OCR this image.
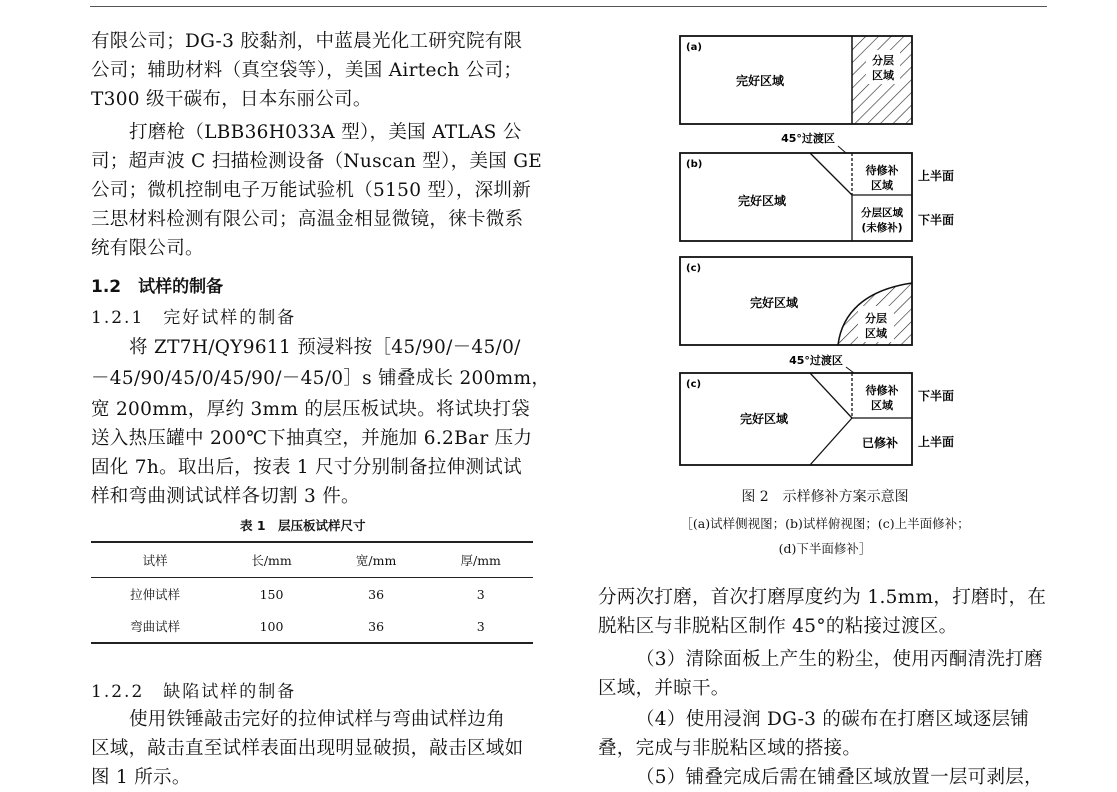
有限公司；DG-3 胶黏剂，中蓝晨光化工研究院有限
公司；辅助材料（真空袋等），美国 Airtech 公司；
T300 级干碳布，日本东丽公司。
打磨枪（LBB36H033A 型），美国 ATLAS 公
司；超声波 C 扫描检测设备（Nuscan 型），美国 GE
公司；微机控制电子万能试验机（5150 型），深圳新
三思材料检测有限公司；高温金相显微镜，徕卡微系
统有限公司。
1.2　试样的制备
1.2.1　完好试样的制备
将 ZT7H/QY9611 预浸料按［45/90/－45/0/
－45/90/45/0/45/90/－45/0］s 铺叠成长 200mm，
宽 200mm，厚约 3mm 的层压板试块。将试块打袋
送入热压罐中 200℃下抽真空，并施加 6.2Bar 压力
固化 7h。取出后，按表 1 尺寸分别制备拉伸测试试
样和弯曲测试试样各切割 3 件。
表 1　层压板试样尺寸
试样	长/mm	宽/mm	厚/mm
拉伸试样	150	36	3
弯曲试样	100	36	3
1.2.2　缺陷试样的制备
使用铁锤敲击完好的拉伸试样与弯曲试样边角
区域，敲击直至试样表面出现明显破损，敲击区域如
图 1 所示。
(a)
完好区域
分层
区域
45°过渡区
(b)
完好区域
待修补
区域
分层区域
(未修补)
上半面
下半面
(c)
完好区域
分层
区域
45°过渡区
(c)
完好区域
待修补
区域
已修补
下半面
上半面
图 2　示样修补方案示意图
［(a)试样侧视图；(b)试样俯视图；(c)上半面修补；
(d)下半面修补］
分两次打磨，首次打磨厚度约为 1.5mm，打磨时，在
脱粘区与非脱粘区制作 45°的粘接过渡区。
（3）清除面板上产生的粉尘，使用丙酮清洗打磨
区域，并晾干。
（4）使用浸润 DG-3 的碳布在打磨区域逐层铺
叠，完成与非脱粘区域的搭接。
（5）铺叠完成后需在铺叠区域放置一层可剥层，
